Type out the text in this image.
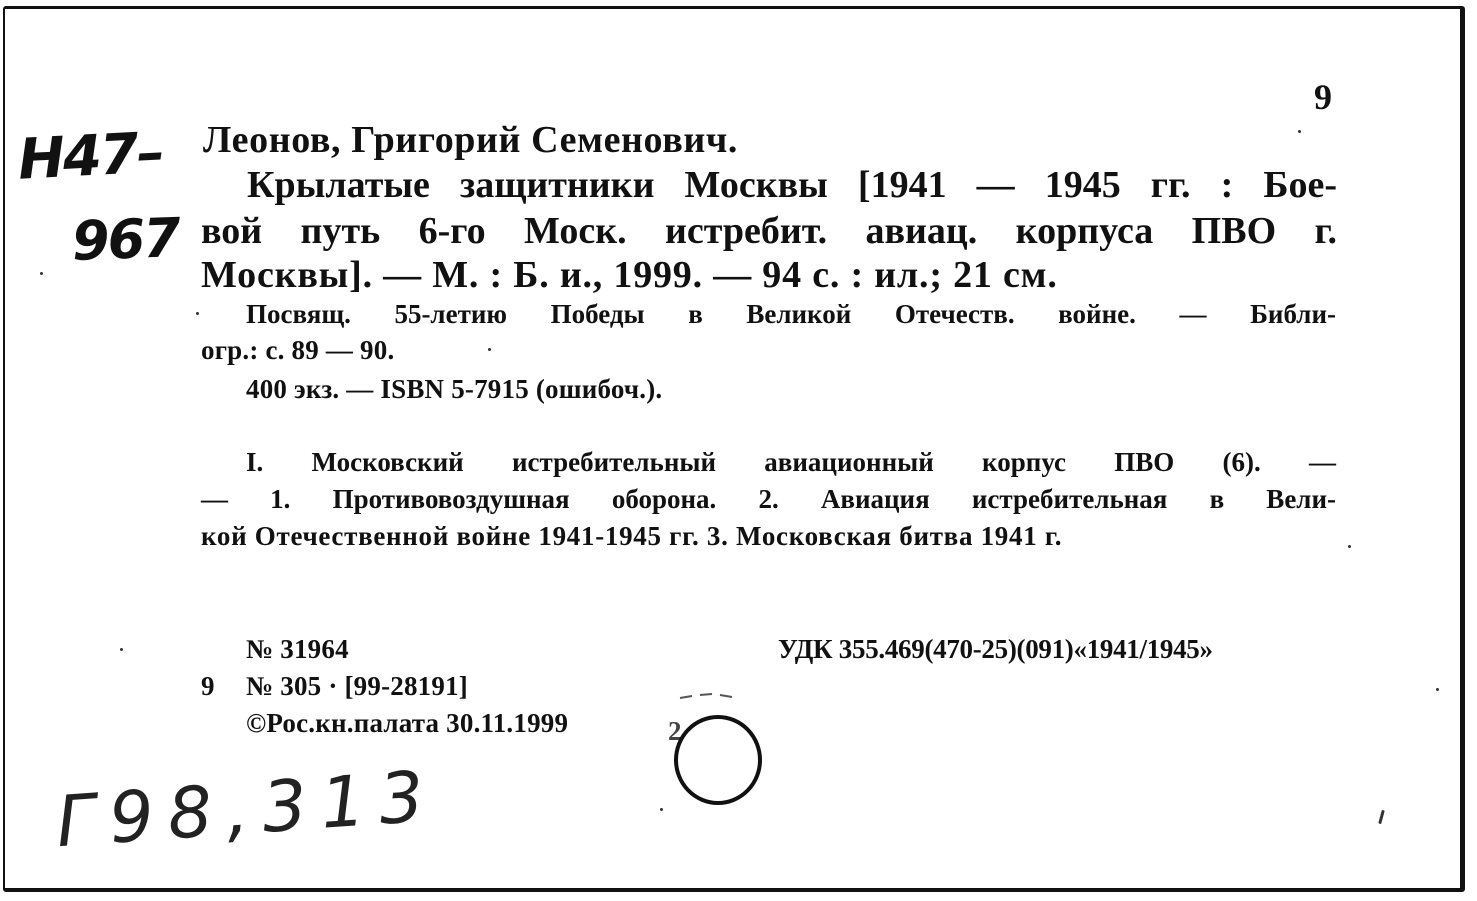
9
Н47–
967
Леонов, Григорий Семенович.
Крылатые защитники Москвы [1941 — 1945 гг. : Бое-
вой путь 6-го Моск. истребит. авиац. корпуса ПВО г.
Москвы]. — М. : Б. и., 1999. — 94 с. : ил.; 21 см.
Посвящ. 55-летию Победы в Великой Отечеств. войне. — Библи-
огр.: с. 89 — 90.
400 экз. — ISBN 5-7915 (ошибоч.).
I. Московский истребительный авиационный корпус ПВО (6). —
— 1. Противовоздушная оборона. 2. Авиация истребительная в Вели-
кой Отечественной войне 1941-1945 гг. 3. Московская битва 1941 г.
№ 31964	УДК 355.469(470-25)(091)«1941/1945»
9 № 305 · [99-28191]
©Рос.кн.палата 30.11.1999	2
Г98,313
